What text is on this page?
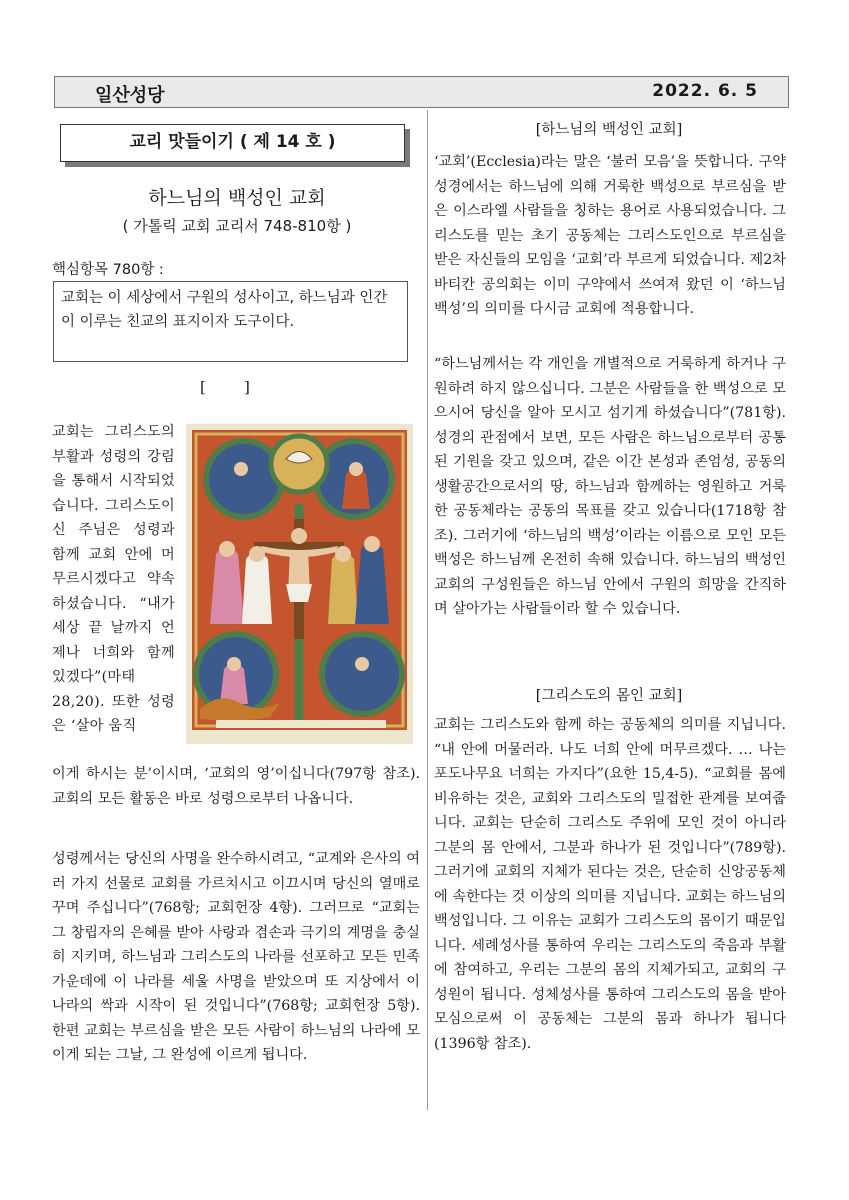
일산성당	2022. 6. 5
교리 맛들이기 ( 제 14 호 )
하느님의 백성인 교회
( 가톨릭 교회 교리서 748-810항 )
핵심항목 780항 :
교회는 이 세상에서 구원의 성사이고, 하느님과 인간이 이루는 친교의 표지이자 도구이다.
[        ]

교회는 그리스도의 부활과 성령의 강림을 통해서 시작되었습니다. 그리스도이신 주님은 성령과 함께 교회 안에 머무르시겠다고 약속하셨습니다. “내가 세상 끝 날까지 언제나 너희와 함께 있겠다”(마태 28,20). 또한 성령은 ‘살아 움직

이게 하시는 분’이시며, ‘교회의 영’이십니다(797항 참조). 교회의 모든 활동은 바로 성령으로부터 나옵니다.

성령께서는 당신의 사명을 완수하시려고, “교계와 은사의 여러 가지 선물로 교회를 가르치시고 이끄시며 당신의 열매로 꾸며 주십니다”(768항; 교회헌장 4항). 그러므로 “교회는 그 창립자의 은혜를 받아 사랑과 겸손과 극기의 계명을 충실히 지키며, 하느님과 그리스도의 나라를 선포하고 모든 민족 가운데에 이 나라를 세울 사명을 받았으며 또 지상에서 이 나라의 싹과 시작이 된 것입니다”(768항; 교회헌장 5항). 한편 교회는 부르심을 받은 모든 사람이 하느님의 나라에 모이게 되는 그날, 그 완성에 이르게 됩니다.

[하느님의 백성인 교회]

‘교회’(Ecclesia)라는 말은 ‘불러 모음’을 뜻합니다. 구약성경에서는 하느님에 의해 거룩한 백성으로 부르심을 받은 이스라엘 사람들을 칭하는 용어로 사용되었습니다. 그리스도를 믿는 초기 공동체는 그리스도인으로 부르심을 받은 자신들의 모임을 ‘교회’라 부르게 되었습니다. 제2차 바티칸 공의회는 이미 구약에서 쓰여져 왔던 이 ‘하느님 백성’의 의미를 다시금 교회에 적용합니다.

“하느님께서는 각 개인을 개별적으로 거룩하게 하거나 구원하려 하지 않으십니다. 그분은 사람들을 한 백성으로 모으시어 당신을 알아 모시고 섬기게 하셨습니다”(781항). 성경의 관점에서 보면, 모든 사람은 하느님으로부터 공통된 기원을 갖고 있으며, 같은 이간 본성과 존엄성, 공동의 생활공간으로서의 땅, 하느님과 함께하는 영원하고 거룩한 공동체라는 공동의 목표를 갖고 있습니다(1718항 참조). 그러기에 ‘하느님의 백성’이라는 이름으로 모인 모든 백성은 하느님께 온전히 속해 있습니다. 하느님의 백성인 교회의 구성원들은 하느님 안에서 구원의 희망을 간직하며 살아가는 사람들이라 할 수 있습니다.

[그리스도의 몸인 교회]

교회는 그리스도와 함께 하는 공동체의 의미를 지닙니다. “내 안에 머물러라. 나도 너희 안에 머무르겠다. … 나는 포도나무요 너희는 가지다”(요한 15,4-5). “교회를 몸에 비유하는 것은, 교회와 그리스도의 밀접한 관계를 보여줍니다. 교회는 단순히 그리스도 주위에 모인 것이 아니라 그분의 몸 안에서, 그분과 하나가 된 것입니다”(789항). 그러기에 교회의 지체가 된다는 것은, 단순히 신앙공동체에 속한다는 것 이상의 의미를 지닙니다. 교회는 하느님의 백성입니다. 그 이유는 교회가 그리스도의 몸이기 때문입니다. 세례성사를 통하여 우리는 그리스도의 죽음과 부활에 참여하고, 우리는 그분의 몸의 지체가되고, 교회의 구성원이 됩니다. 성체성사를 통하여 그리스도의 몸을 받아 모심으로써 이 공동체는 그분의 몸과 하나가 됩니다(1396항 참조).
